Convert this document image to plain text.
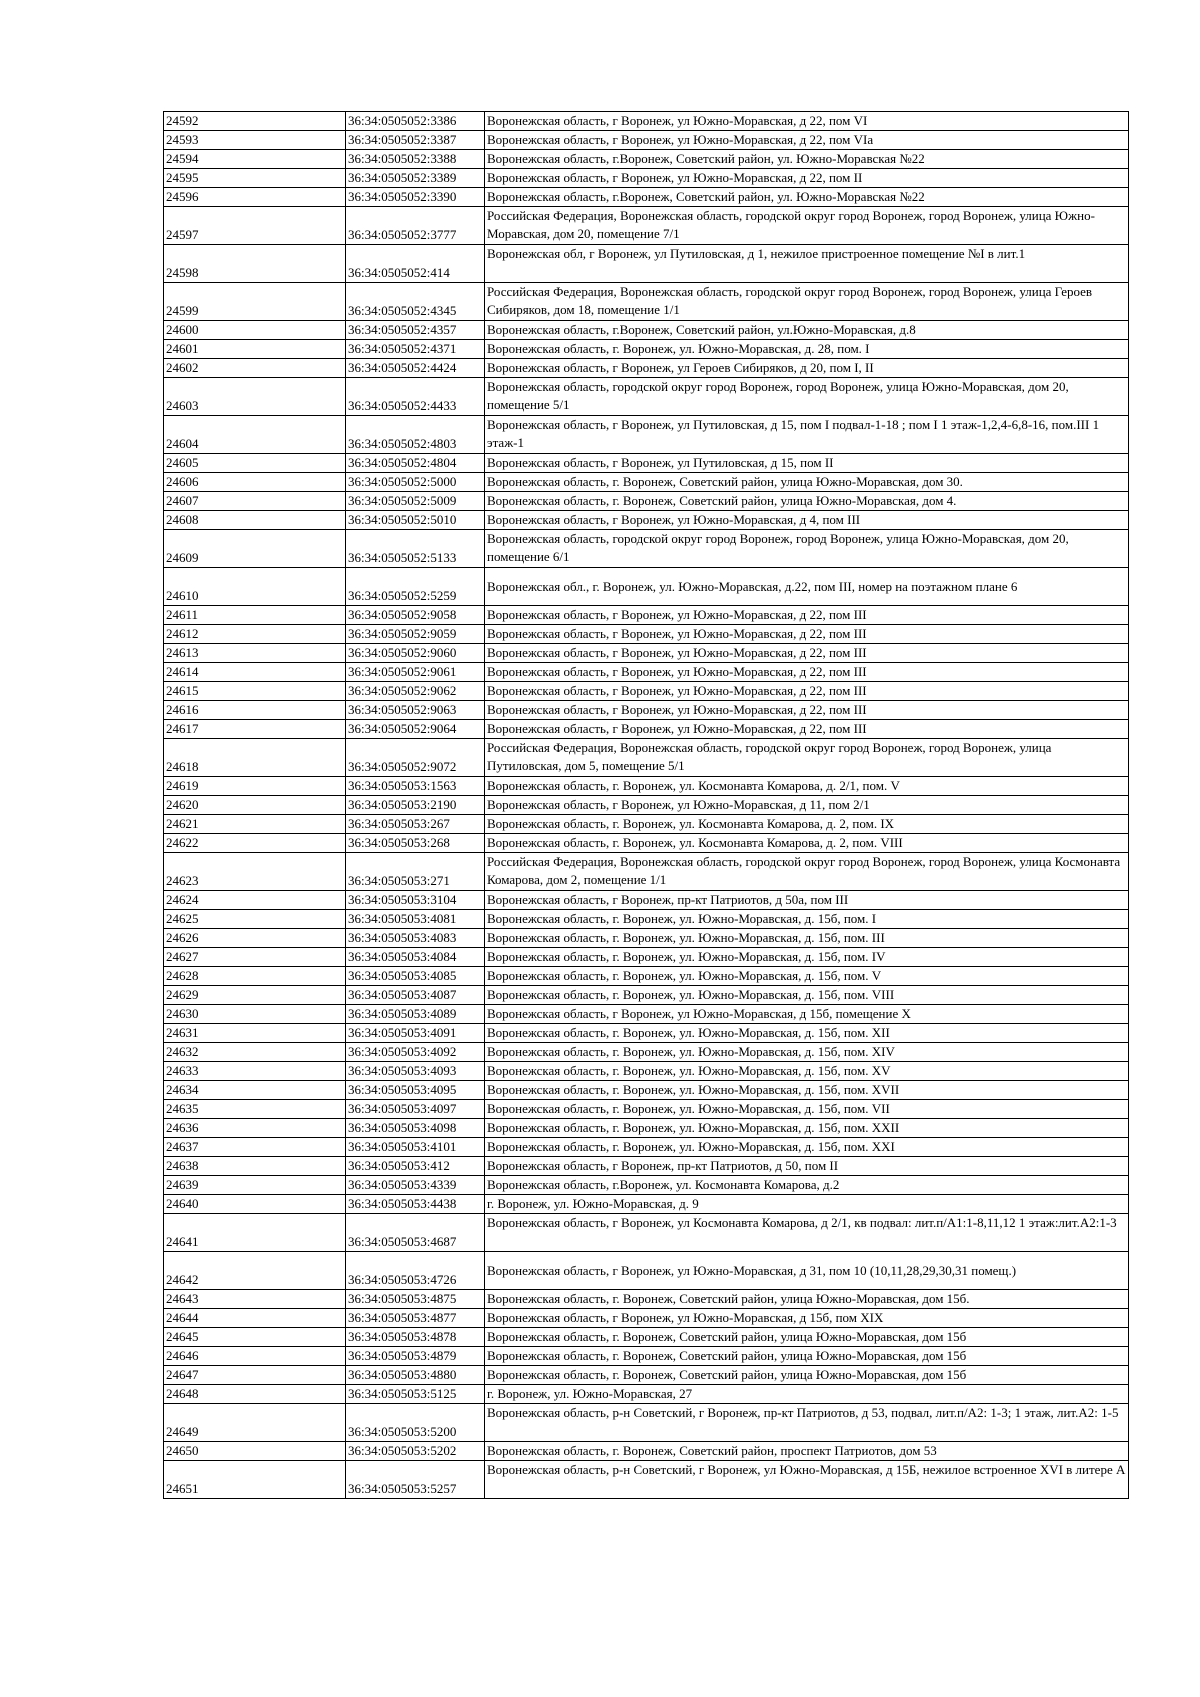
24592	36:34:0505052:3386	Воронежская область, г Воронеж, ул Южно-Моравская, д 22, пом VI
24593	36:34:0505052:3387	Воронежская область, г Воронеж, ул Южно-Моравская, д 22, пом VIa
24594	36:34:0505052:3388	Воронежская область, г.Воронеж, Советский район, ул. Южно-Моравская №22
24595	36:34:0505052:3389	Воронежская область, г Воронеж, ул Южно-Моравская, д 22, пом II
24596	36:34:0505052:3390	Воронежская область, г.Воронеж, Советский район, ул. Южно-Моравская №22
24597	36:34:0505052:3777	Российская Федерация, Воронежская область, городской округ город Воронеж, город Воронеж, улица Южно-Моравская, дом 20, помещение 7/1
24598	36:34:0505052:414	Воронежская обл, г Воронеж, ул Путиловская, д 1, нежилое пристроенное помещение №I в лит.1
24599	36:34:0505052:4345	Российская Федерация, Воронежская область, городской округ город Воронеж, город Воронеж, улица Героев Сибиряков, дом 18, помещение 1/1
24600	36:34:0505052:4357	Воронежская область, г.Воронеж, Советский район, ул.Южно-Моравская, д.8
24601	36:34:0505052:4371	Воронежская область, г. Воронеж, ул. Южно-Моравская, д. 28, пом. I
24602	36:34:0505052:4424	Воронежская область, г Воронеж, ул Героев Сибиряков, д 20, пом I, II
24603	36:34:0505052:4433	Воронежская область, городской округ город Воронеж, город Воронеж, улица Южно-Моравская, дом 20, помещение 5/1
24604	36:34:0505052:4803	Воронежская область, г Воронеж, ул Путиловская, д 15, пом I подвал-1-18 ; пом I 1 этаж-1,2,4-6,8-16, пом.III 1 этаж-1
24605	36:34:0505052:4804	Воронежская область, г Воронеж, ул Путиловская, д 15, пом II
24606	36:34:0505052:5000	Воронежская область, г. Воронеж, Советский район, улица Южно-Моравская, дом 30.
24607	36:34:0505052:5009	Воронежская область, г. Воронеж, Советский район, улица Южно-Моравская, дом 4.
24608	36:34:0505052:5010	Воронежская область, г Воронеж, ул Южно-Моравская, д 4, пом III
24609	36:34:0505052:5133	Воронежская область, городской округ город Воронеж, город Воронеж, улица Южно-Моравская, дом 20, помещение 6/1
24610	36:34:0505052:5259	Воронежская обл., г. Воронеж, ул. Южно-Моравская, д.22, пом III, номер на поэтажном плане 6
24611	36:34:0505052:9058	Воронежская область, г Воронеж, ул Южно-Моравская, д 22, пом III
24612	36:34:0505052:9059	Воронежская область, г Воронеж, ул Южно-Моравская, д 22, пом III
24613	36:34:0505052:9060	Воронежская область, г Воронеж, ул Южно-Моравская, д 22, пом III
24614	36:34:0505052:9061	Воронежская область, г Воронеж, ул Южно-Моравская, д 22, пом III
24615	36:34:0505052:9062	Воронежская область, г Воронеж, ул Южно-Моравская, д 22, пом III
24616	36:34:0505052:9063	Воронежская область, г Воронеж, ул Южно-Моравская, д 22, пом III
24617	36:34:0505052:9064	Воронежская область, г Воронеж, ул Южно-Моравская, д 22, пом III
24618	36:34:0505052:9072	Российская Федерация, Воронежская область, городской округ город Воронеж, город Воронеж, улица Путиловская, дом 5, помещение 5/1
24619	36:34:0505053:1563	Воронежская область, г. Воронеж, ул. Космонавта Комарова, д. 2/1, пом. V
24620	36:34:0505053:2190	Воронежская область, г Воронеж, ул Южно-Моравская, д 11, пом 2/1
24621	36:34:0505053:267	Воронежская область, г. Воронеж, ул. Космонавта Комарова, д. 2, пом. IX
24622	36:34:0505053:268	Воронежская область, г. Воронеж, ул. Космонавта Комарова, д. 2, пом. VIII
24623	36:34:0505053:271	Российская Федерация, Воронежская область, городской округ город Воронеж, город Воронеж, улица Космонавта Комарова, дом 2, помещение 1/1
24624	36:34:0505053:3104	Воронежская область, г Воронеж, пр-кт Патриотов, д 50а, пом III
24625	36:34:0505053:4081	Воронежская область, г. Воронеж, ул. Южно-Моравская, д. 15б, пом. I
24626	36:34:0505053:4083	Воронежская область, г. Воронеж, ул. Южно-Моравская, д. 15б, пом. III
24627	36:34:0505053:4084	Воронежская область, г. Воронеж, ул. Южно-Моравская, д. 15б, пом. IV
24628	36:34:0505053:4085	Воронежская область, г. Воронеж, ул. Южно-Моравская, д. 15б, пом. V
24629	36:34:0505053:4087	Воронежская область, г. Воронеж, ул. Южно-Моравская, д. 15б, пом. VIII
24630	36:34:0505053:4089	Воронежская область, г Воронеж, ул Южно-Моравская, д 15б, помещение X
24631	36:34:0505053:4091	Воронежская область, г. Воронеж, ул. Южно-Моравская, д. 15б, пом. XII
24632	36:34:0505053:4092	Воронежская область, г. Воронеж, ул. Южно-Моравская, д. 15б, пом. XIV
24633	36:34:0505053:4093	Воронежская область, г. Воронеж, ул. Южно-Моравская, д. 15б, пом. XV
24634	36:34:0505053:4095	Воронежская область, г. Воронеж, ул. Южно-Моравская, д. 15б, пом. XVII
24635	36:34:0505053:4097	Воронежская область, г. Воронеж, ул. Южно-Моравская, д. 15б, пом. VII
24636	36:34:0505053:4098	Воронежская область, г. Воронеж, ул. Южно-Моравская, д. 15б, пом. XXII
24637	36:34:0505053:4101	Воронежская область, г. Воронеж, ул. Южно-Моравская, д. 15б, пом. XXI
24638	36:34:0505053:412	Воронежская область, г Воронеж, пр-кт Патриотов, д 50, пом II
24639	36:34:0505053:4339	Воронежская область, г.Воронеж, ул. Космонавта Комарова, д.2
24640	36:34:0505053:4438	г. Воронеж, ул. Южно-Моравская, д. 9
24641	36:34:0505053:4687	Воронежская область, г Воронеж, ул Космонавта Комарова, д 2/1, кв подвал: лит.п/А1:1-8,11,12 1 этаж:лит.А2:1-3
24642	36:34:0505053:4726	Воронежская область, г Воронеж, ул Южно-Моравская, д 31, пом 10 (10,11,28,29,30,31 помещ.)
24643	36:34:0505053:4875	Воронежская область, г. Воронеж, Советский район, улица Южно-Моравская, дом 15б.
24644	36:34:0505053:4877	Воронежская область, г Воронеж, ул Южно-Моравская, д 15б, пом XIX
24645	36:34:0505053:4878	Воронежская область, г. Воронеж, Советский район, улица Южно-Моравская, дом 15б
24646	36:34:0505053:4879	Воронежская область, г. Воронеж, Советский район, улица Южно-Моравская, дом 15б
24647	36:34:0505053:4880	Воронежская область, г. Воронеж, Советский район, улица Южно-Моравская, дом 15б
24648	36:34:0505053:5125	г. Воронеж, ул. Южно-Моравская, 27
24649	36:34:0505053:5200	Воронежская область, р-н Советский, г Воронеж, пр-кт Патриотов, д 53, подвал, лит.п/А2: 1-3; 1 этаж, лит.А2: 1-5
24650	36:34:0505053:5202	Воронежская область, г. Воронеж, Советский район, проспект Патриотов, дом 53
24651	36:34:0505053:5257	Воронежская область, р-н Советский, г Воронеж, ул Южно-Моравская, д 15Б, нежилое встроенное XVI в литере А
